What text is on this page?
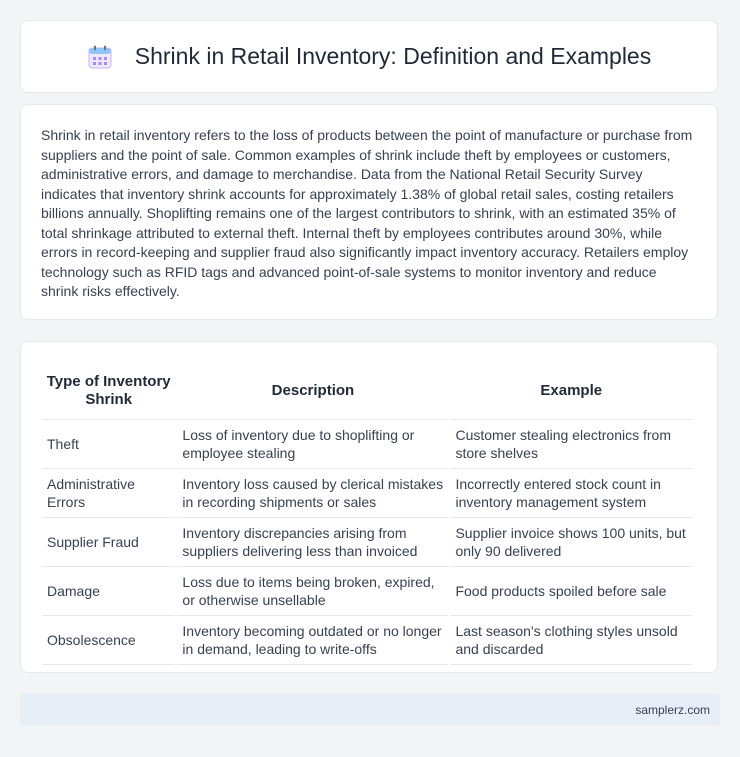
Shrink in Retail Inventory: Definition and Examples

Shrink in retail inventory refers to the loss of products between the point of manufacture or purchase from suppliers and the point of sale. Common examples of shrink include theft by employees or customers, administrative errors, and damage to merchandise. Data from the National Retail Security Survey indicates that inventory shrink accounts for approximately 1.38% of global retail sales, costing retailers billions annually. Shoplifting remains one of the largest contributors to shrink, with an estimated 35% of total shrinkage attributed to external theft. Internal theft by employees contributes around 30%, while errors in record-keeping and supplier fraud also significantly impact inventory accuracy. Retailers employ technology such as RFID tags and advanced point-of-sale systems to monitor inventory and reduce shrink risks effectively.

Type of Inventory Shrink	Description	Example
Theft	Loss of inventory due to shoplifting or employee stealing	Customer stealing electronics from store shelves
Administrative Errors	Inventory loss caused by clerical mistakes in recording shipments or sales	Incorrectly entered stock count in inventory management system
Supplier Fraud	Inventory discrepancies arising from suppliers delivering less than invoiced	Supplier invoice shows 100 units, but only 90 delivered
Damage	Loss due to items being broken, expired, or otherwise unsellable	Food products spoiled before sale
Obsolescence	Inventory becoming outdated or no longer in demand, leading to write-offs	Last season's clothing styles unsold and discarded
samplerz.com
